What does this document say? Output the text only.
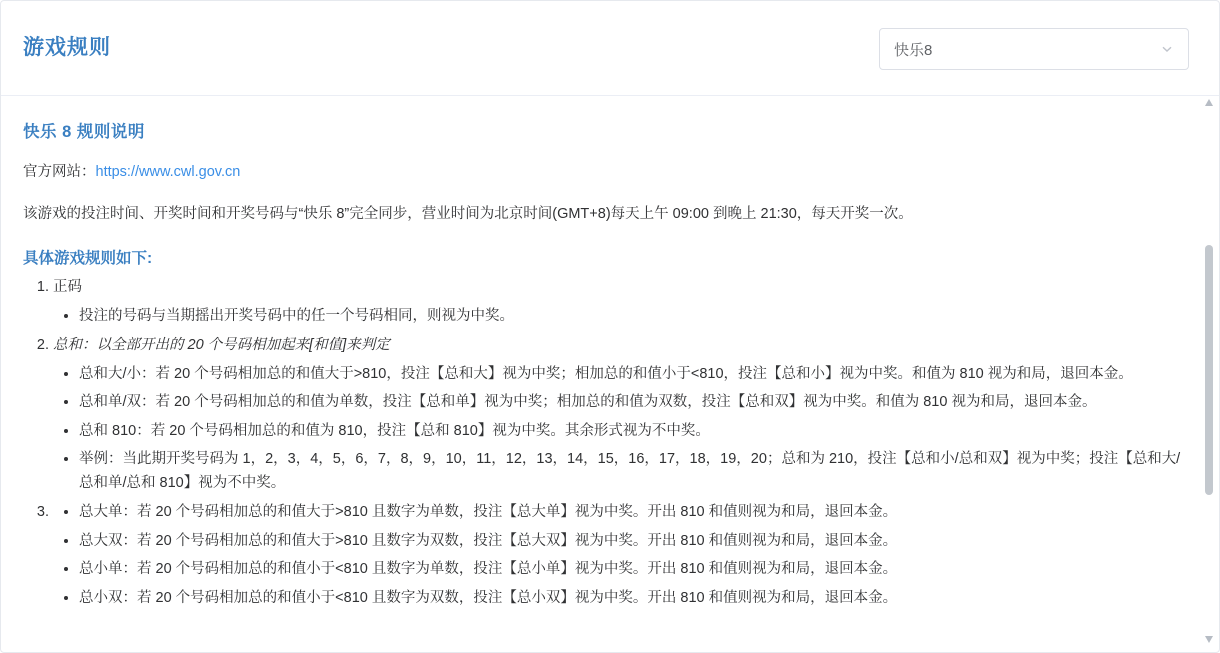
游戏规则	快乐8
快乐 8 规则说明
官方网站：https://www.cwl.gov.cn
该游戏的投注时间、开奖时间和开奖号码与“快乐 8”完全同步，营业时间为北京时间(GMT+8)每天上午 09:00 到晚上 21:30，每天开奖一次。
具体游戏规则如下:
1. 正码
• 投注的号码与当期摇出开奖号码中的任一个号码相同，则视为中奖。
2. 总和：以全部开出的 20 个号码相加起来[和值]来判定
• 总和大/小：若 20 个号码相加总的和值大于>810，投注【总和大】视为中奖；相加总的和值小于<810，投注【总和小】视为中奖。和值为 810 视为和局，退回本金。
• 总和单/双：若 20 个号码相加总的和值为单数，投注【总和单】视为中奖；相加总的和值为双数，投注【总和双】视为中奖。和值为 810 视为和局，退回本金。
• 总和 810：若 20 个号码相加总的和值为 810，投注【总和 810】视为中奖。其余形式视为不中奖。
• 举例：当此期开奖号码为 1，2，3，4，5，6，7，8，9，10，11，12，13，14，15，16，17，18，19，20；总和为 210，投注【总和小/总和双】视为中奖；投注【总和大/总和单/总和 810】视为不中奖。
• 3. 总大单：若 20 个号码相加总的和值大于>810 且数字为单数，投注【总大单】视为中奖。开出 810 和值则视为和局，退回本金。
• 总大双：若 20 个号码相加总的和值大于>810 且数字为双数，投注【总大双】视为中奖。开出 810 和值则视为和局，退回本金。
• 总小单：若 20 个号码相加总的和值小于<810 且数字为单数，投注【总小单】视为中奖。开出 810 和值则视为和局，退回本金。
• 总小双：若 20 个号码相加总的和值小于<810 且数字为双数，投注【总小双】视为中奖。开出 810 和值则视为和局，退回本金。
